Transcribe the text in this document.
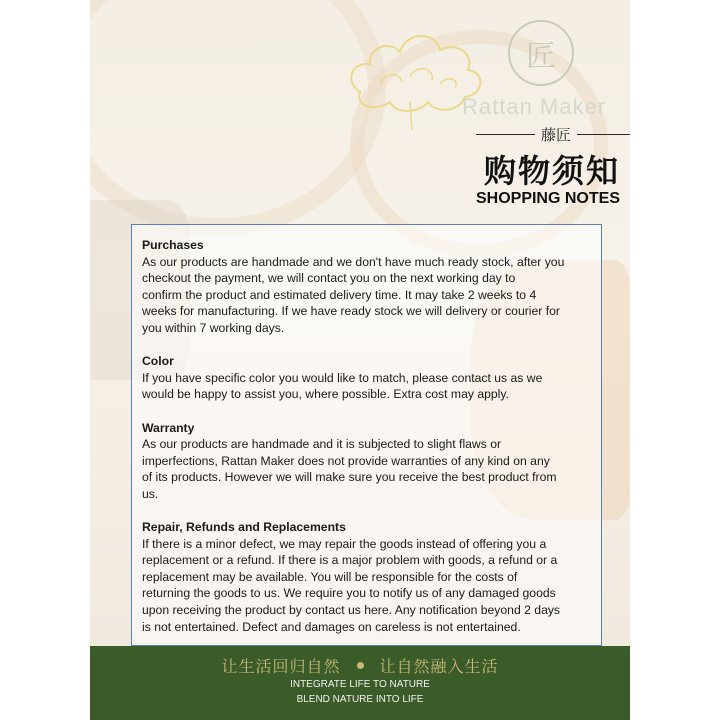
匠
Rattan Maker
藤匠
购物须知
SHOPPING NOTES
Purchases

As our products are handmade and we don't have much ready stock, after you

checkout the payment, we will contact you on the next working day to

confirm the product and estimated delivery time. It may take 2 weeks to 4

weeks for manufacturing. If we have ready stock we will delivery or courier for

you within 7 working days.

Color

If you have specific color you would like to match, please contact us as we

would be happy to assist you, where possible. Extra cost may apply.

Warranty

As our products are handmade and it is subjected to slight flaws or

imperfections, Rattan Maker does not provide warranties of any kind on any

of its products. However we will make sure you receive the best product from

us.

Repair, Refunds and Replacements

If there is a minor defect, we may repair the goods instead of offering you a

replacement or a refund. If there is a major problem with goods, a refund or a

replacement may be available. You will be responsible for the costs of

returning the goods to us. We require you to notify us of any damaged goods

upon receiving the product by contact us here. Any notification beyond 2 days

is not entertained. Defect and damages on careless is not entertained.

让生活回归自然 让自然融入生活
INTEGRATE LIFE TO NATURE
BLEND NATURE INTO LIFE
